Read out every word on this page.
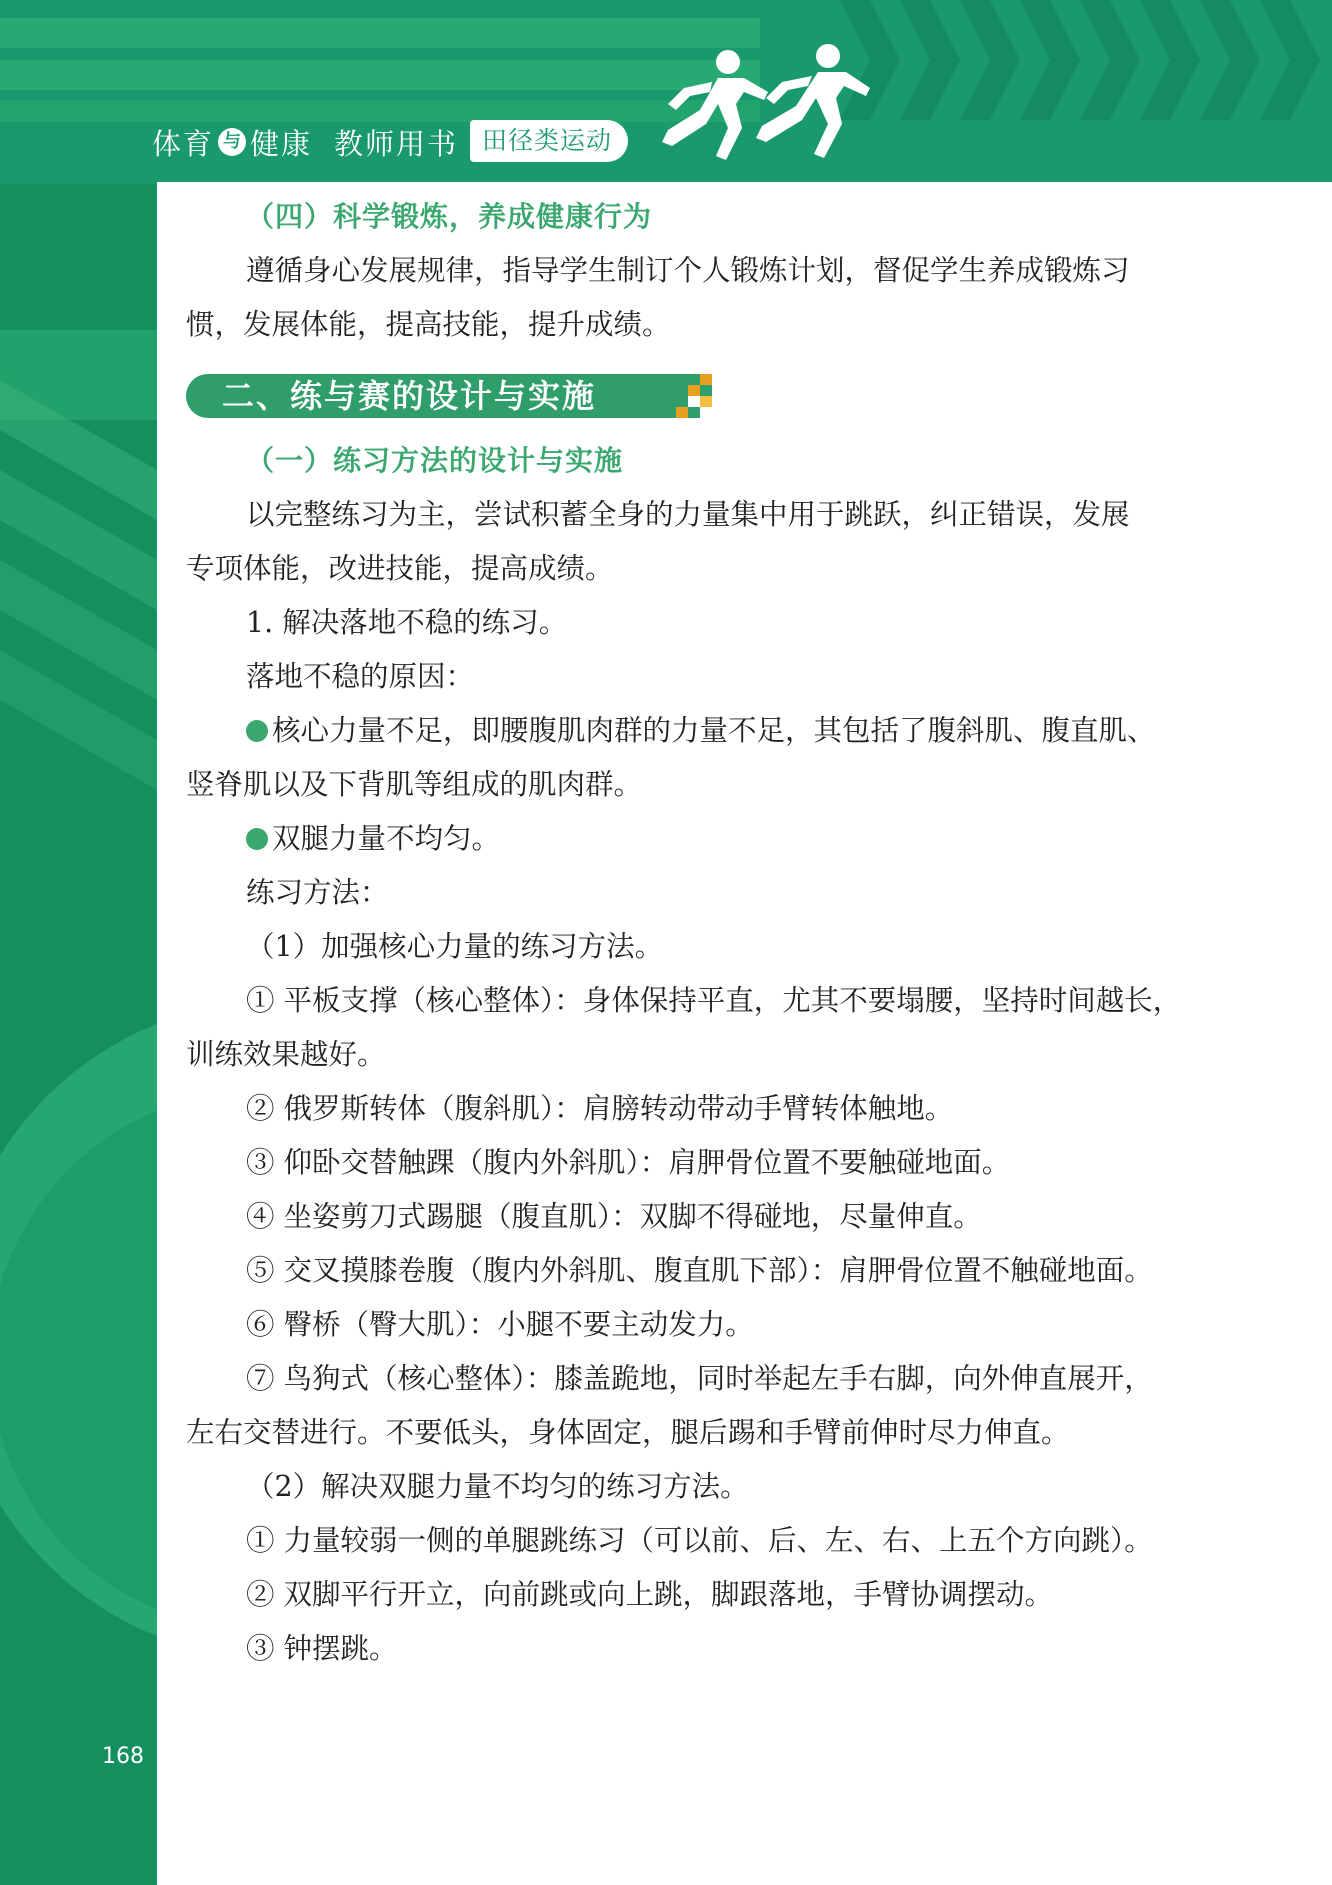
体育 与 健康 教师用书 田径类运动

（四）科学锻炼，养成健康行为

遵循身心发展规律，指导学生制订个人锻炼计划，督促学生养成锻炼习

惯，发展体能，提高技能，提升成绩。

二、练与赛的设计与实施

（一）练习方法的设计与实施

以完整练习为主，尝试积蓄全身的力量集中用于跳跃，纠正错误，发展

专项体能，改进技能，提高成绩。

1. 解决落地不稳的练习。

落地不稳的原因：

核心力量不足，即腰腹肌肉群的力量不足，其包括了腹斜肌、腹直肌、

竖脊肌以及下背肌等组成的肌肉群。

双腿力量不均匀。

练习方法：

（1）加强核心力量的练习方法。

① 平板支撑（核心整体）：身体保持平直，尤其不要塌腰，坚持时间越长，

训练效果越好。

② 俄罗斯转体（腹斜肌）：肩膀转动带动手臂转体触地。

③ 仰卧交替触踝（腹内外斜肌）：肩胛骨位置不要触碰地面。

④ 坐姿剪刀式踢腿（腹直肌）：双脚不得碰地，尽量伸直。

⑤ 交叉摸膝卷腹（腹内外斜肌、腹直肌下部）：肩胛骨位置不触碰地面。

⑥ 臀桥（臀大肌）：小腿不要主动发力。

⑦ 鸟狗式（核心整体）：膝盖跪地，同时举起左手右脚，向外伸直展开，

左右交替进行。不要低头，身体固定，腿后踢和手臂前伸时尽力伸直。

（2）解决双腿力量不均匀的练习方法。

① 力量较弱一侧的单腿跳练习（可以前、后、左、右、上五个方向跳）。

② 双脚平行开立，向前跳或向上跳，脚跟落地，手臂协调摆动。

③ 钟摆跳。

168
